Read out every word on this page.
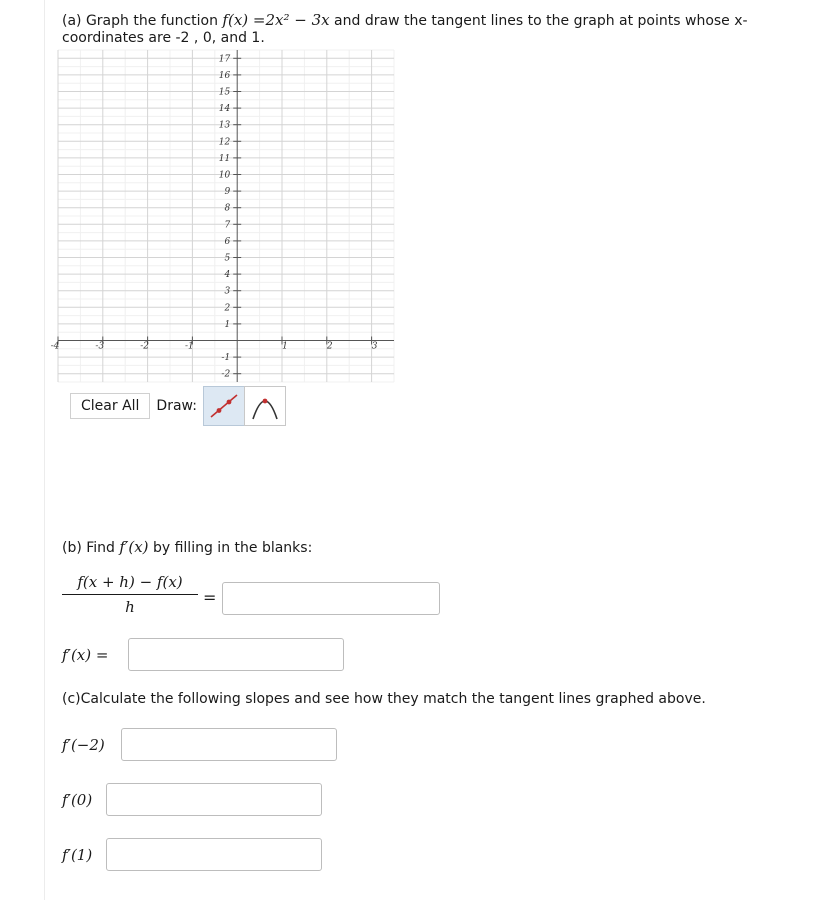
(a) Graph the function f(x) =2x² − 3x and draw the tangent lines to the graph at points whose x-coordinates are -2 , 0, and 1.
-4	-3	-2	-1	1	2	3
17
16
15
14
13
12
11
10
9
8
7
6
5
4
3
2
1
-1
-2
Clear All	Draw:
(b) Find f′(x) by filling in the blanks:
$\frac{f(x + h) - f(x)}{h}$ =
f′(x) =
(c)Calculate the following slopes and see how they match the tangent lines graphed above.
f′(−2)
f′(0)
f′(1)
